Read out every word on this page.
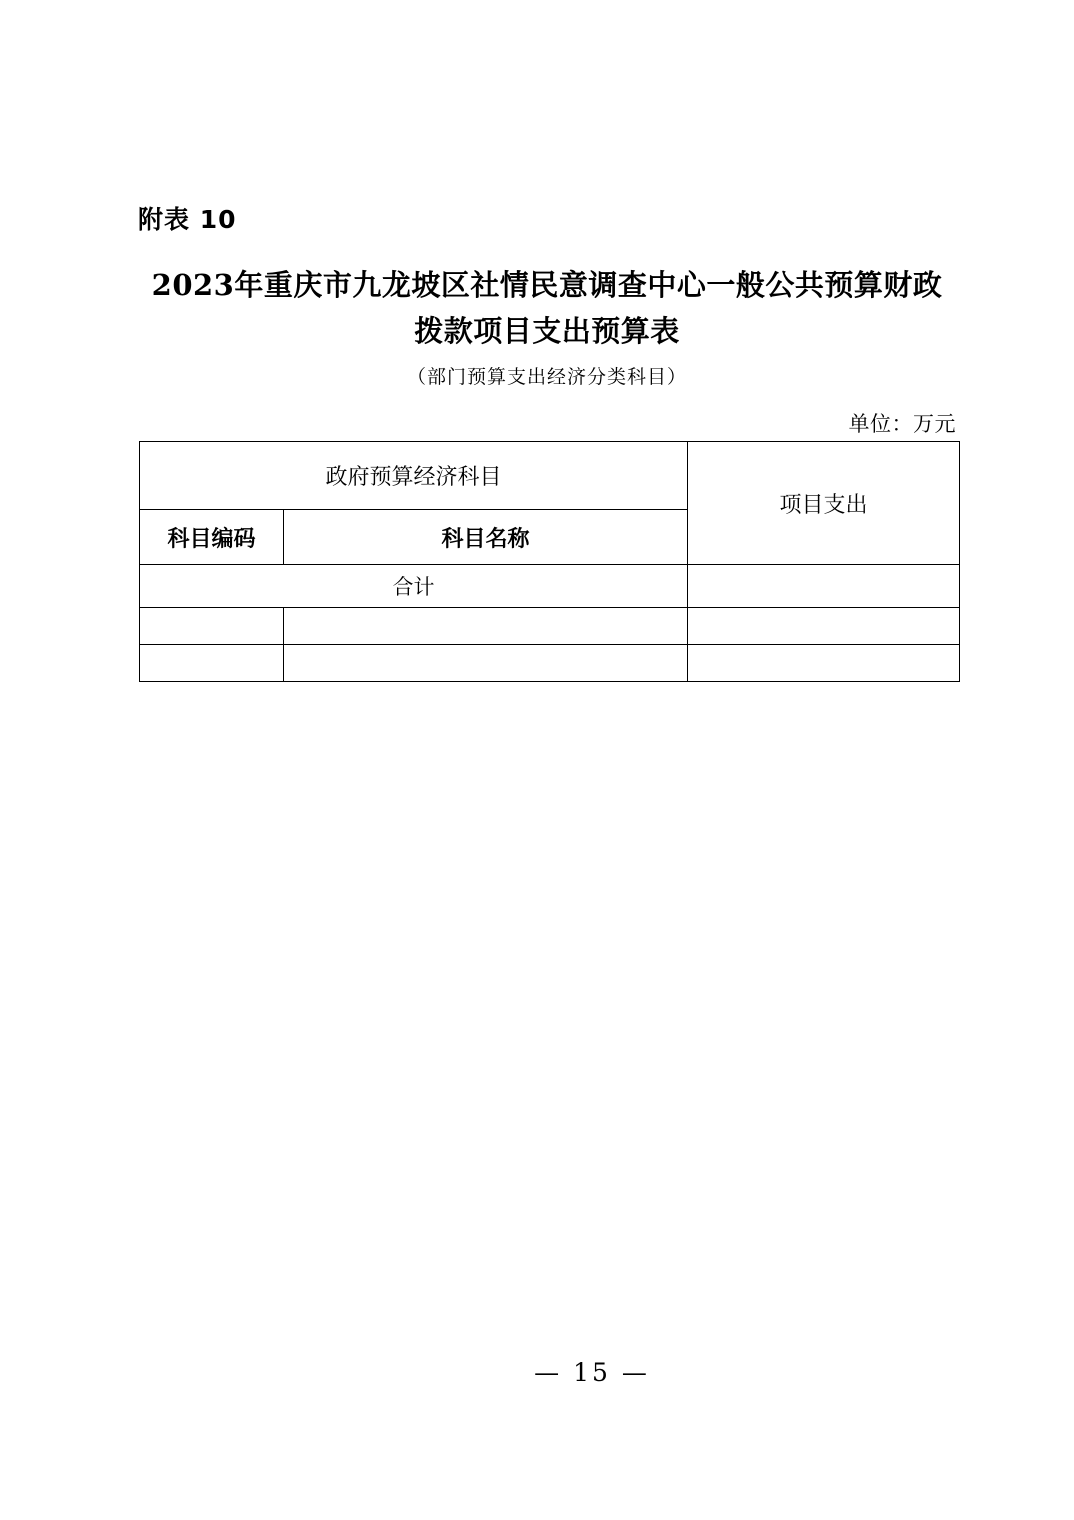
附表 10
2023年重庆市九龙坡区社情民意调查中心一般公共预算财政
拨款项目支出预算表
（部门预算支出经济分类科目）
单位：万元
政府预算经济科目		项目支出
科目编码	科目名称	
合计		

— 15 —
